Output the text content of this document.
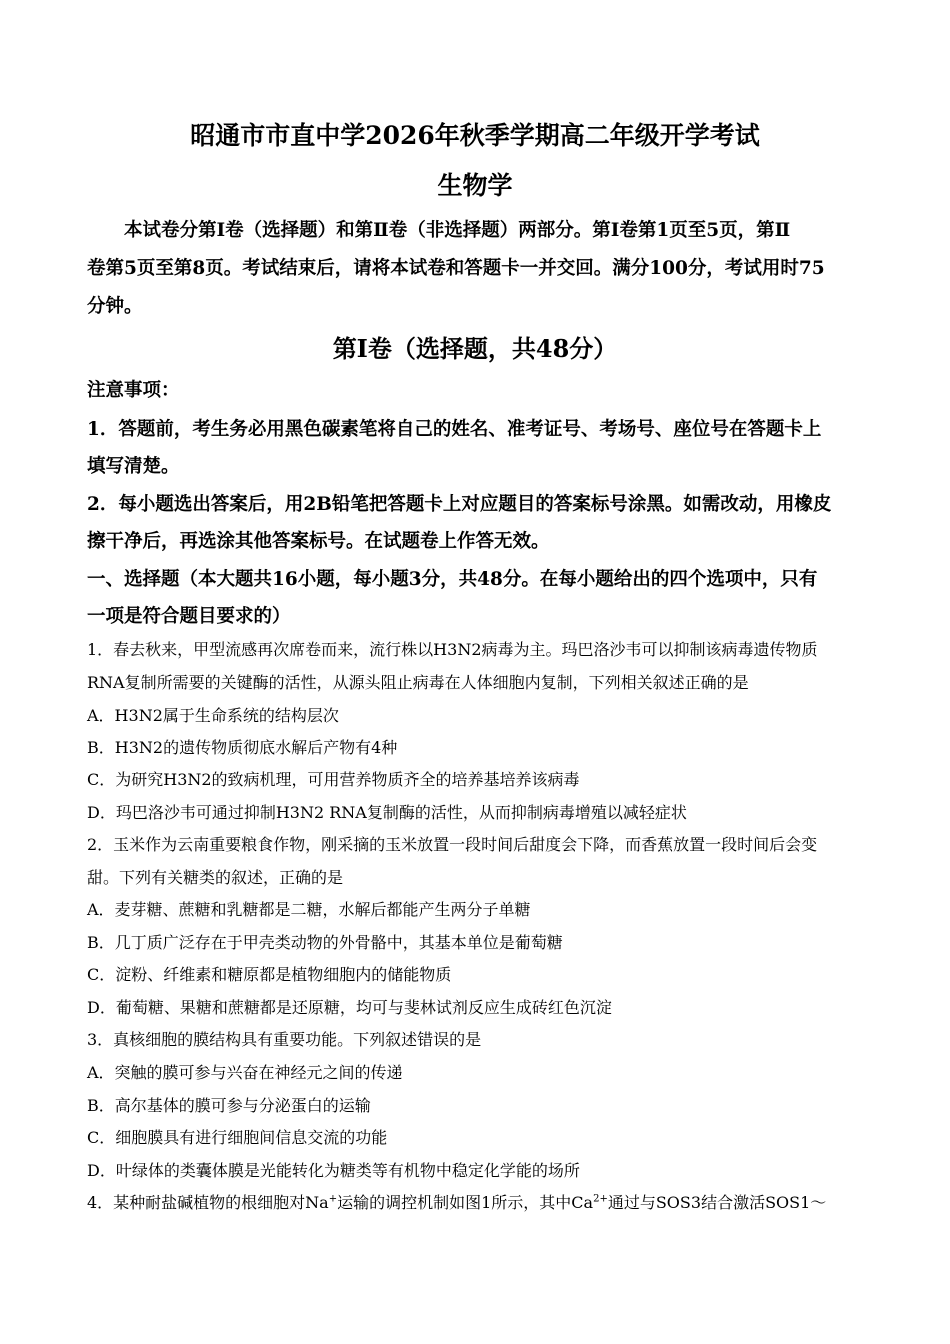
昭通市市直中学2026年秋季学期高二年级开学考试
生物学
本试卷分第Ⅰ卷（选择题）和第Ⅱ卷（非选择题）两部分。第Ⅰ卷第1页至5页，第Ⅱ
卷第5页至第8页。考试结束后，请将本试卷和答题卡一并交回。满分100分，考试用时75
分钟。
第Ⅰ卷（选择题，共48分）
注意事项：
1．答题前，考生务必用黑色碳素笔将自己的姓名、准考证号、考场号、座位号在答题卡上
填写清楚。
2．每小题选出答案后，用2B铅笔把答题卡上对应题目的答案标号涂黑。如需改动，用橡皮
擦干净后，再选涂其他答案标号。在试题卷上作答无效。
一、选择题（本大题共16小题，每小题3分，共48分。在每小题给出的四个选项中，只有
一项是符合题目要求的）
1．春去秋来，甲型流感再次席卷而来，流行株以H3N2病毒为主。玛巴洛沙韦可以抑制该病毒遗传物质
RNA复制所需要的关键酶的活性，从源头阻止病毒在人体细胞内复制，下列相关叙述正确的是
A．H3N2属于生命系统的结构层次
B．H3N2的遗传物质彻底水解后产物有4种
C．为研究H3N2的致病机理，可用营养物质齐全的培养基培养该病毒
D．玛巴洛沙韦可通过抑制H3N2 RNA复制酶的活性，从而抑制病毒增殖以减轻症状
2．玉米作为云南重要粮食作物，刚采摘的玉米放置一段时间后甜度会下降，而香蕉放置一段时间后会变
甜。下列有关糖类的叙述，正确的是
A．麦芽糖、蔗糖和乳糖都是二糖，水解后都能产生两分子单糖
B．几丁质广泛存在于甲壳类动物的外骨骼中，其基本单位是葡萄糖
C．淀粉、纤维素和糖原都是植物细胞内的储能物质
D．葡萄糖、果糖和蔗糖都是还原糖，均可与斐林试剂反应生成砖红色沉淀
3．真核细胞的膜结构具有重要功能。下列叙述错误的是
A．突触的膜可参与兴奋在神经元之间的传递
B．高尔基体的膜可参与分泌蛋白的运输
C．细胞膜具有进行细胞间信息交流的功能
D．叶绿体的类囊体膜是光能转化为糖类等有机物中稳定化学能的场所
4．某种耐盐碱植物的根细胞对Na+运输的调控机制如图1所示，其中$Ca^{2+}$通过与SOS3结合激活SOS1～
